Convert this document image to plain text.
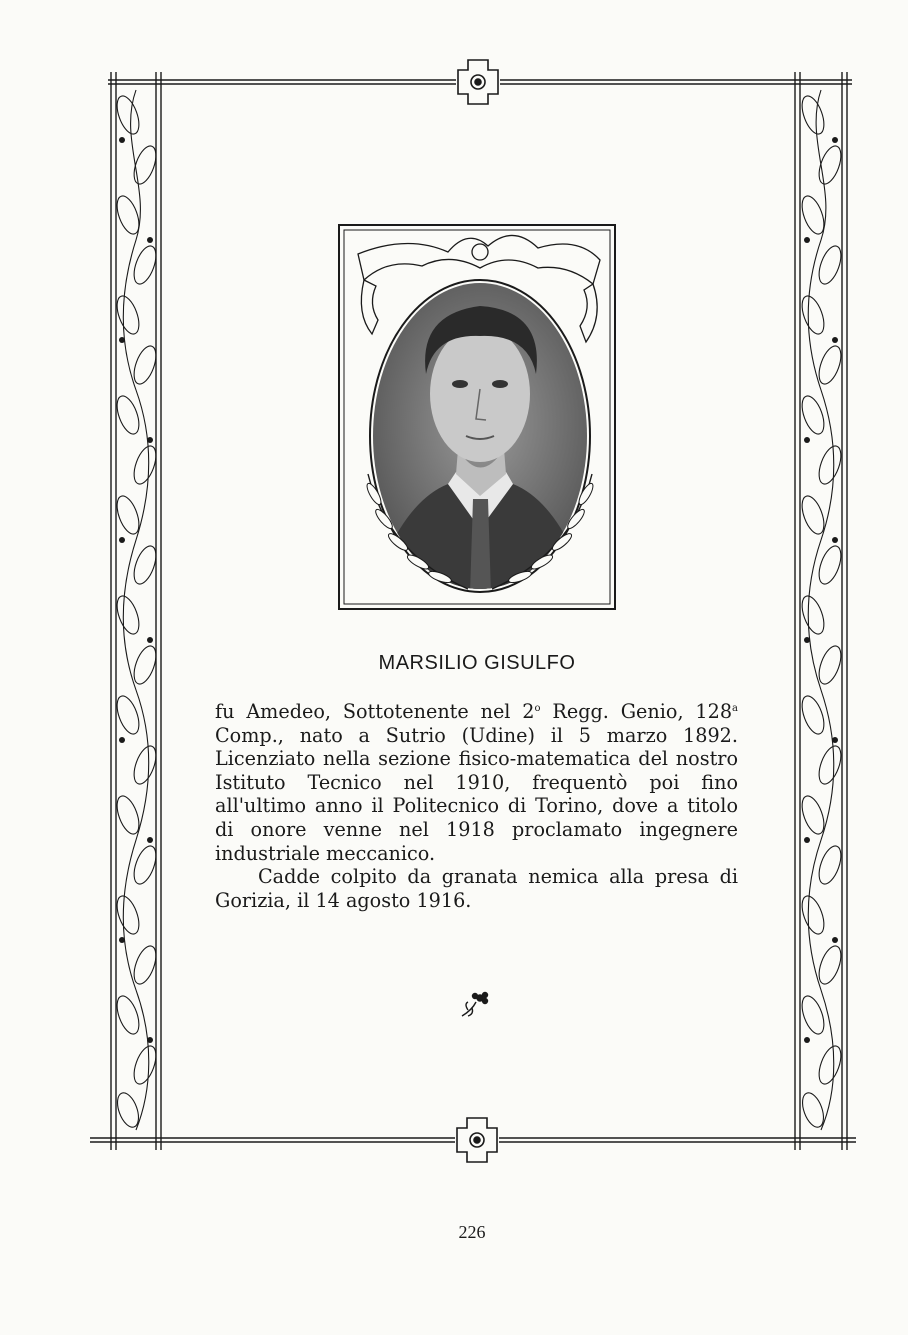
MARSILIO GISULFO

fu Amedeo, Sottotenente nel 2$^o$ Regg. Genio, 128$^a$ Comp., nato a Sutrio (Udine) il 5 marzo 1892. Licenziato nella sezione fisico-matematica del nostro Istituto Tecnico nel 1910, frequentò poi fino all'ultimo anno il Politecnico di Torino, dove a titolo di onore venne nel 1918 proclamato ingegnere industriale meccanico.

Cadde colpito da granata nemica alla presa di Gorizia, il 14 agosto 1916.

226
